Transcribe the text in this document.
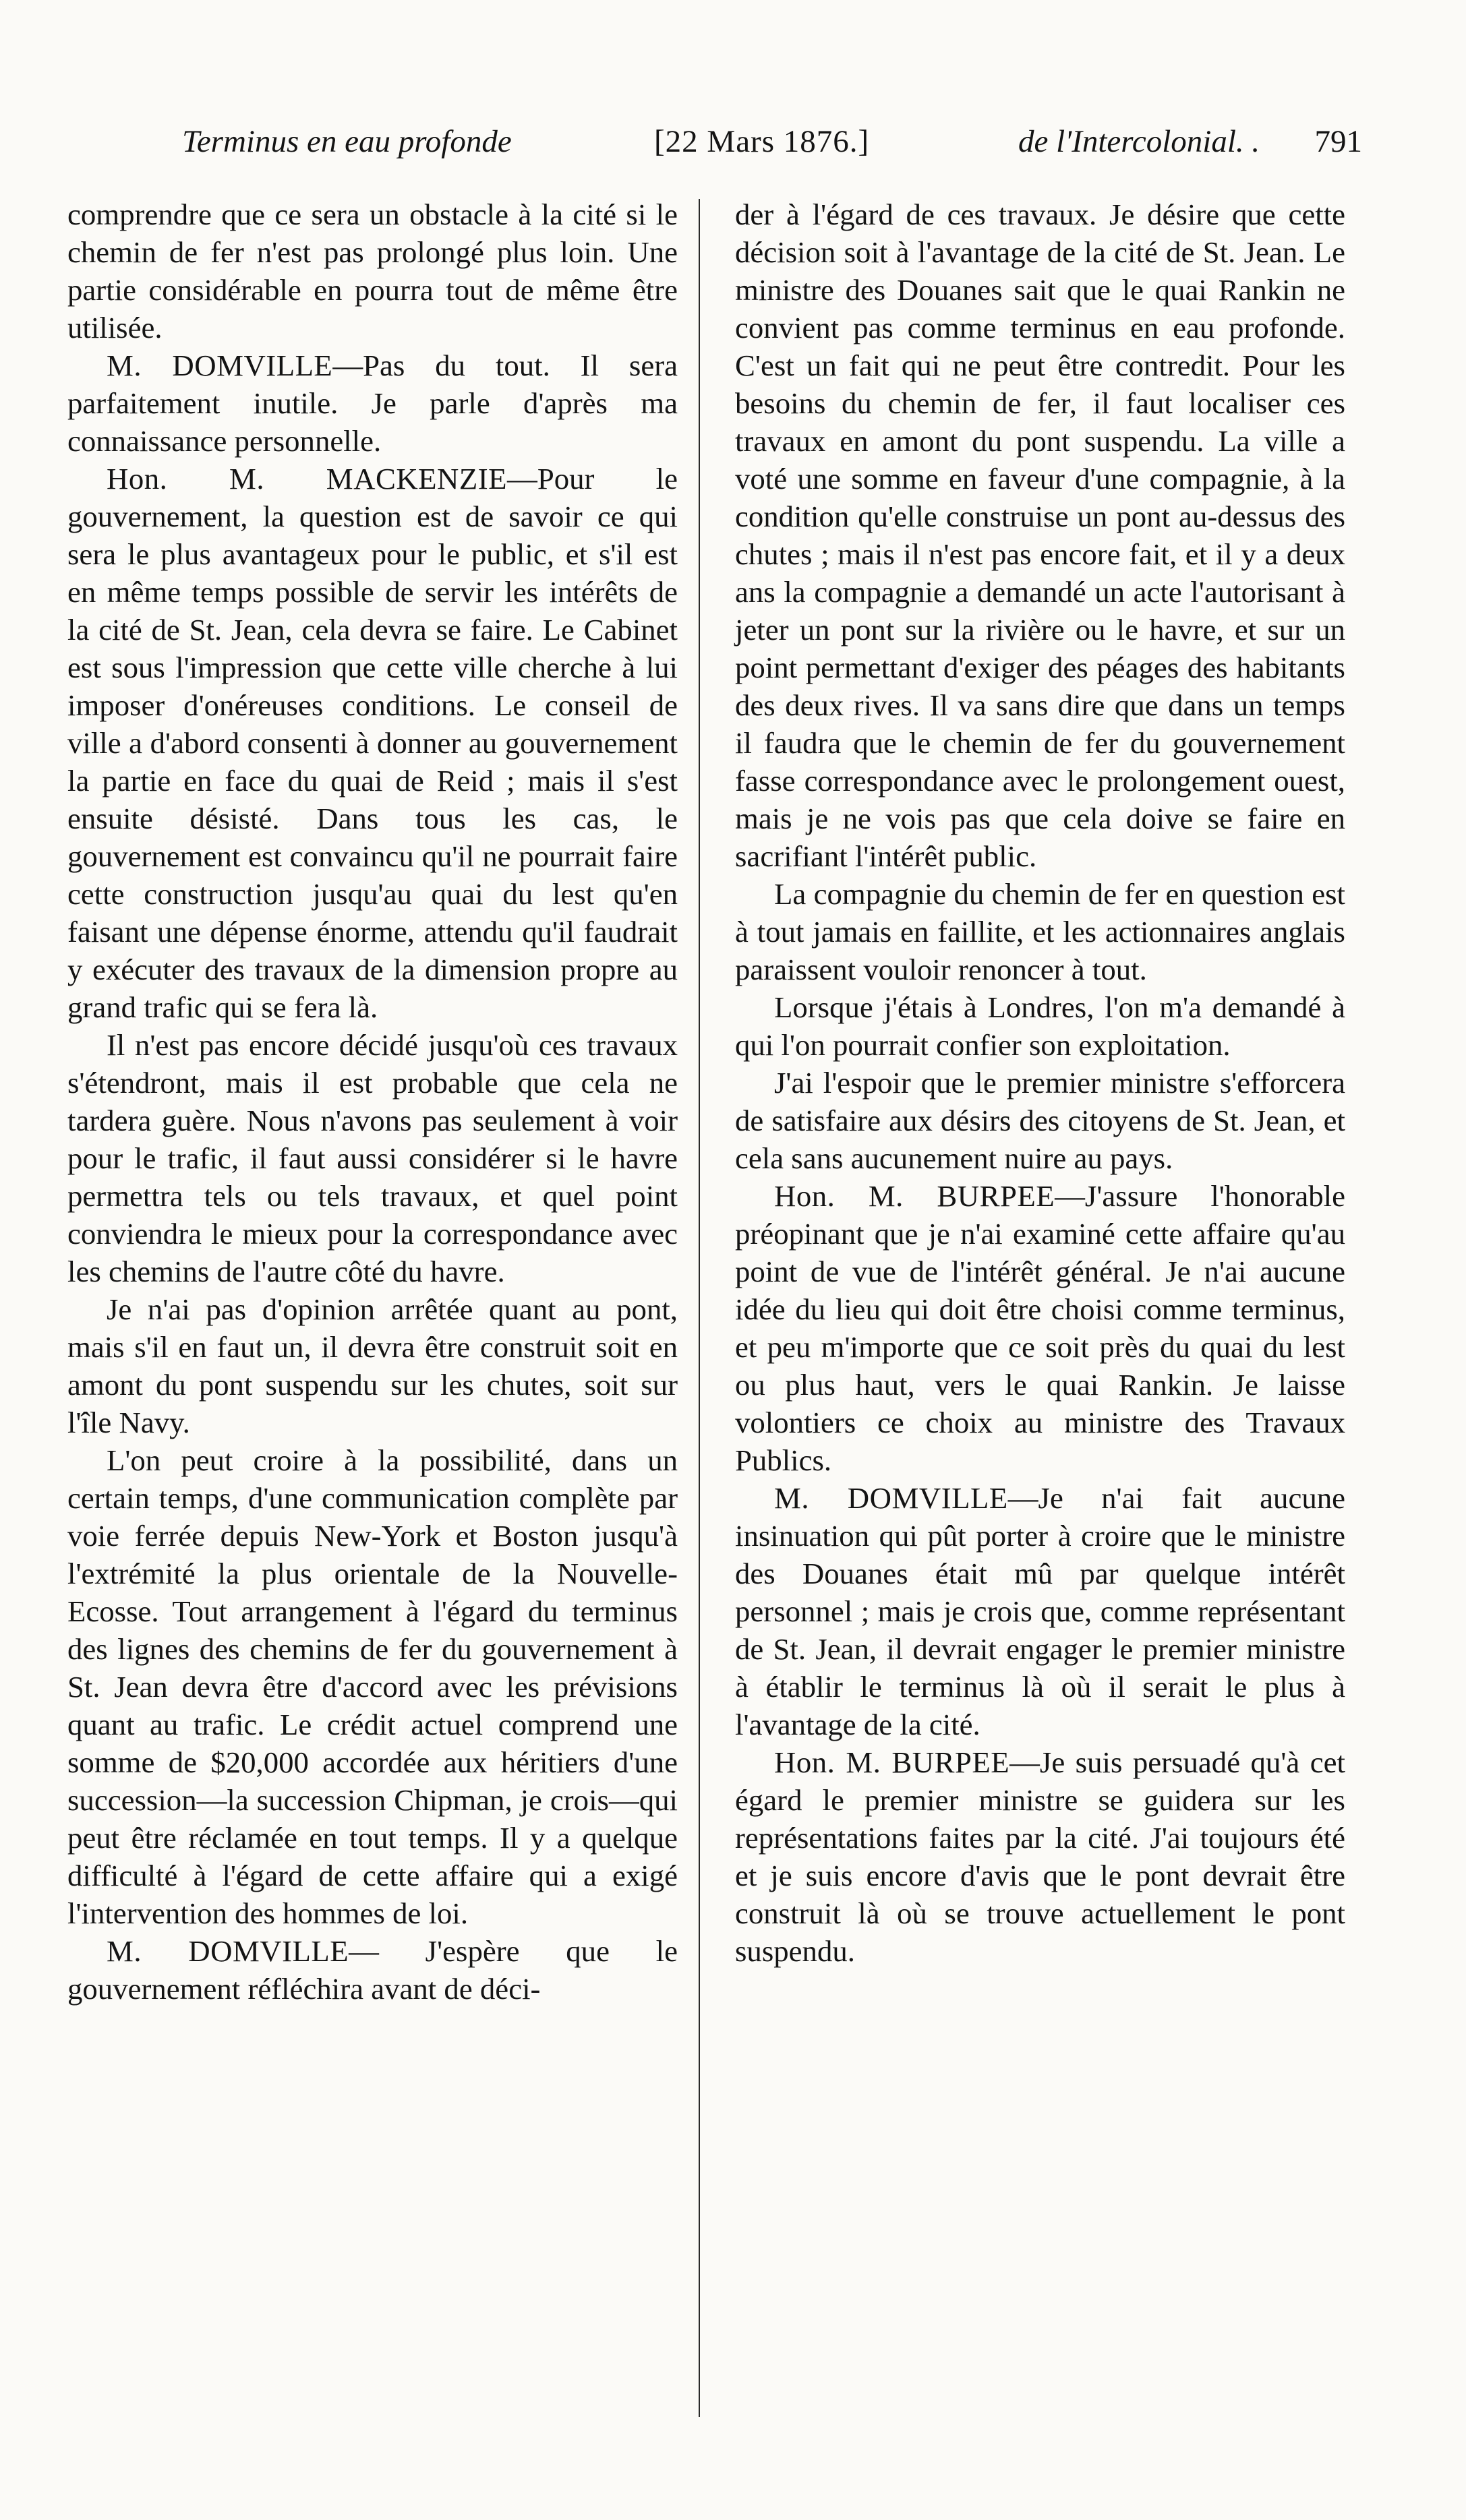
Terminus en eau profonde	[22 Mars 1876.]	de l'Intercolonial. . 791

comprendre que ce sera un obstacle à la cité si le chemin de fer n'est pas prolongé plus loin. Une partie considérable en pourra tout de même être utilisée.

M. DOMVILLE—Pas du tout. Il sera parfaitement inutile. Je parle d'après ma connaissance personnelle.

Hon. M. MACKENZIE—Pour le gouvernement, la question est de savoir ce qui sera le plus avantageux pour le public, et s'il est en même temps possible de servir les intérêts de la cité de St. Jean, cela devra se faire. Le Cabinet est sous l'impression que cette ville cherche à lui imposer d'onéreuses conditions. Le conseil de ville a d'abord consenti à donner au gouvernement la partie en face du quai de Reid ; mais il s'est ensuite désisté. Dans tous les cas, le gouvernement est convaincu qu'il ne pourrait faire cette construction jusqu'au quai du lest qu'en faisant une dépense énorme, attendu qu'il faudrait y exécuter des travaux de la dimension propre au grand trafic qui se fera là.

Il n'est pas encore décidé jusqu'où ces travaux s'étendront, mais il est probable que cela ne tardera guère. Nous n'avons pas seulement à voir pour le trafic, il faut aussi considérer si le havre permettra tels ou tels travaux, et quel point conviendra le mieux pour la correspondance avec les chemins de l'autre côté du havre.

Je n'ai pas d'opinion arrêtée quant au pont, mais s'il en faut un, il devra être construit soit en amont du pont suspendu sur les chutes, soit sur l'île Navy.

L'on peut croire à la possibilité, dans un certain temps, d'une communication complète par voie ferrée depuis New-York et Boston jusqu'à l'extrémité la plus orientale de la Nouvelle-Ecosse. Tout arrangement à l'égard du terminus des lignes des chemins de fer du gouvernement à St. Jean devra être d'accord avec les prévisions quant au trafic. Le crédit actuel comprend une somme de $20,000 accordée aux héritiers d'une succession—la succession Chipman, je crois—qui peut être réclamée en tout temps. Il y a quelque difficulté à l'égard de cette affaire qui a exigé l'intervention des hommes de loi.

M. DOMVILLE— J'espère que le gouvernement réfléchira avant de déci-

der à l'égard de ces travaux. Je désire que cette décision soit à l'avantage de la cité de St. Jean. Le ministre des Douanes sait que le quai Rankin ne convient pas comme terminus en eau profonde. C'est un fait qui ne peut être contredit. Pour les besoins du chemin de fer, il faut localiser ces travaux en amont du pont suspendu. La ville a voté une somme en faveur d'une compagnie, à la condition qu'elle construise un pont au-dessus des chutes ; mais il n'est pas encore fait, et il y a deux ans la compagnie a demandé un acte l'autorisant à jeter un pont sur la rivière ou le havre, et sur un point permettant d'exiger des péages des habitants des deux rives. Il va sans dire que dans un temps il faudra que le chemin de fer du gouvernement fasse correspondance avec le prolongement ouest, mais je ne vois pas que cela doive se faire en sacrifiant l'intérêt public.

La compagnie du chemin de fer en question est à tout jamais en faillite, et les actionnaires anglais paraissent vouloir renoncer à tout.

Lorsque j'étais à Londres, l'on m'a demandé à qui l'on pourrait confier son exploitation.

J'ai l'espoir que le premier ministre s'efforcera de satisfaire aux désirs des citoyens de St. Jean, et cela sans aucunement nuire au pays.

Hon. M. BURPEE—J'assure l'honorable préopinant que je n'ai examiné cette affaire qu'au point de vue de l'intérêt général. Je n'ai aucune idée du lieu qui doit être choisi comme terminus, et peu m'importe que ce soit près du quai du lest ou plus haut, vers le quai Rankin. Je laisse volontiers ce choix au ministre des Travaux Publics.

M. DOMVILLE—Je n'ai fait aucune insinuation qui pût porter à croire que le ministre des Douanes était mû par quelque intérêt personnel ; mais je crois que, comme représentant de St. Jean, il devrait engager le premier ministre à établir le terminus là où il serait le plus à l'avantage de la cité.

Hon. M. BURPEE—Je suis persuadé qu'à cet égard le premier ministre se guidera sur les représentations faites par la cité. J'ai toujours été et je suis encore d'avis que le pont devrait être construit là où se trouve actuellement le pont suspendu.
